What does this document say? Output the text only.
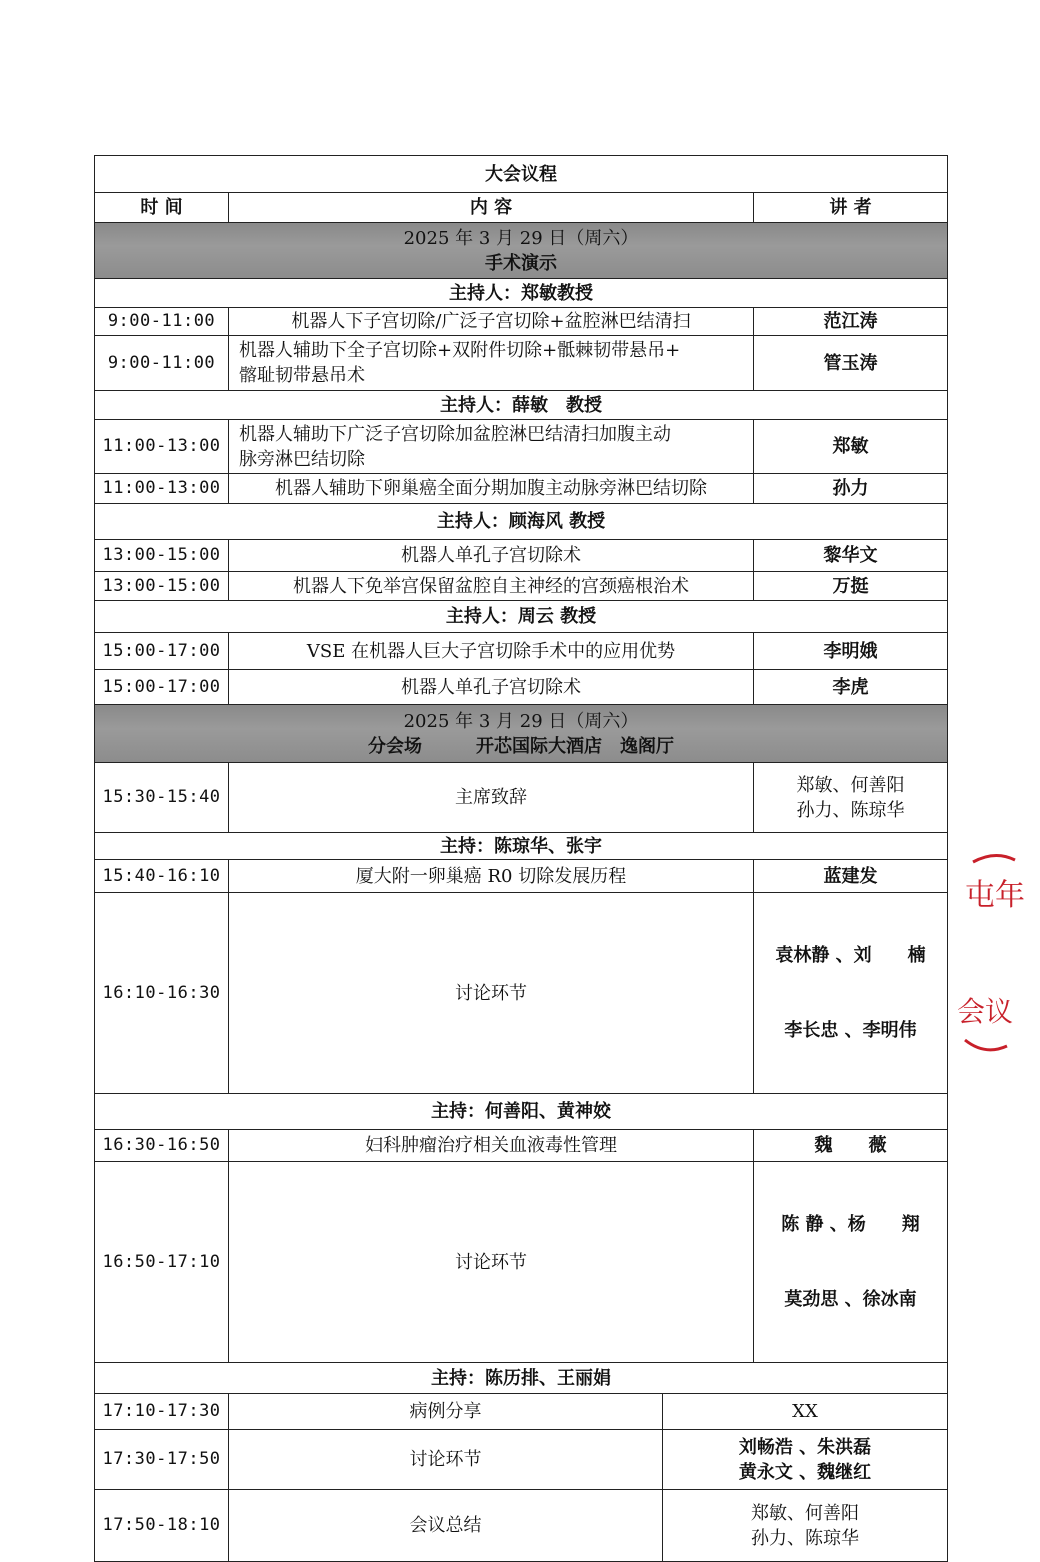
大会议程			
时 间	内 容		讲 者

2025 年 3 月 29 日（周六）
手术演示			

主持人：郑敏教授			
9:00-11:00	机器人下子宫切除/广泛子宫切除+盆腔淋巴结清扫		范江涛
9:00-11:00	机器人辅助下全子宫切除+双附件切除+骶棘韧带悬吊+
髂耻韧带悬吊术		管玉涛
主持人：薛敏　教授			
11:00-13:00	机器人辅助下广泛子宫切除加盆腔淋巴结清扫加腹主动
脉旁淋巴结切除		郑敏
11:00-13:00	机器人辅助下卵巢癌全面分期加腹主动脉旁淋巴结切除		孙力
主持人：顾海风 教授			
13:00-15:00	机器人单孔子宫切除术		黎华文
13:00-15:00	机器人下免举宫保留盆腔自主神经的宫颈癌根治术		万挺
主持人：周云 教授			
15:00-17:00	VSE 在机器人巨大子宫切除手术中的应用优势		李明娥
15:00-17:00	机器人单孔子宫切除术		李虎

2025 年 3 月 29 日（周六）
分会场　　　开芯国际大酒店　逸阁厅			

15:30-15:40	主席致辞		郑敏、何善阳
孙力、陈琼华

主持：陈琼华、张宇			
15:40-16:10	厦大附一卵巢癌 R0 切除发展历程		蓝建发
16:10-16:30	讨论环节		袁林静 、刘　　楠

李长忠 、李明伟

主持：何善阳、黄神姣			
16:30-16:50	妇科肿瘤治疗相关血液毒性管理		魏　　薇
16:50-17:10	讨论环节		陈 静 、杨　　翔

莫劲思 、徐冰南

主持：陈历排、王丽娟			
17:10-17:30	病例分享	XX	
17:30-17:50	讨论环节	刘畅浩 、朱洪磊
黄永文 、魏继红	

17:50-18:10	会议总结	郑敏、何善阳
孙力、陈琼华	
屯年
会议
